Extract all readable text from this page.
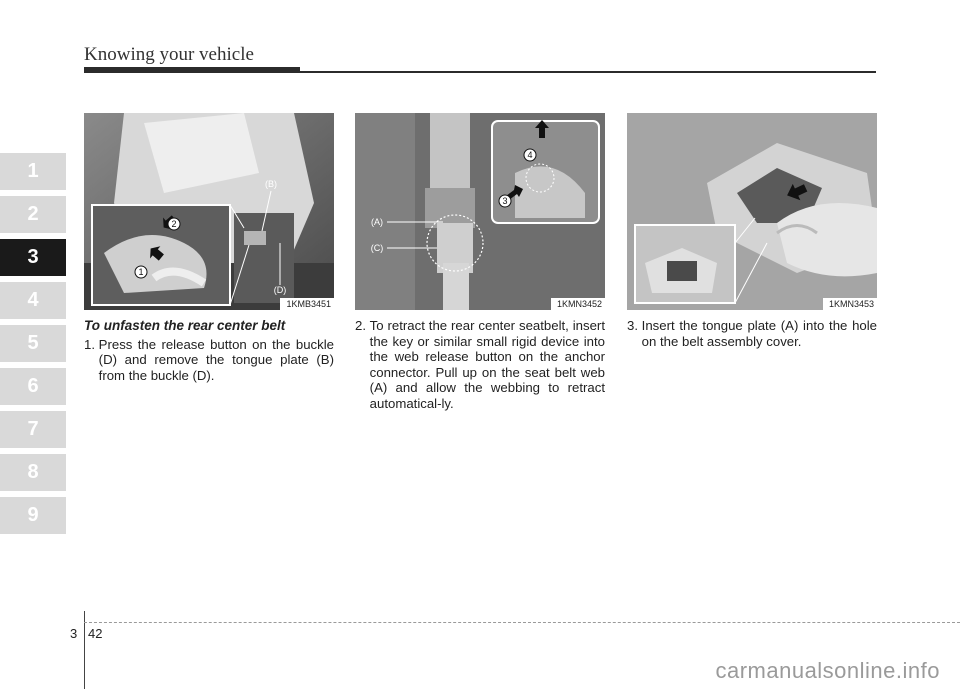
Knowing your vehicle
1
2
3
4
5
6
7
8
9
2
1
(B)
(D)
1KMB3451
4
3
(A)
(C)
1KMN3452	1KMN3453
To unfasten the rear center belt
1. Press the release button on the buckle (D) and remove the tongue plate (B) from the buckle (D).
2. To retract the rear center seatbelt, insert the key or similar small rigid device into the web release button on the anchor connector. Pull up on the seat belt web (A) and allow the webbing to retract automatical-ly.
3. Insert the tongue plate (A) into the hole on the belt assembly cover.
3 42
carmanualsonline.info
